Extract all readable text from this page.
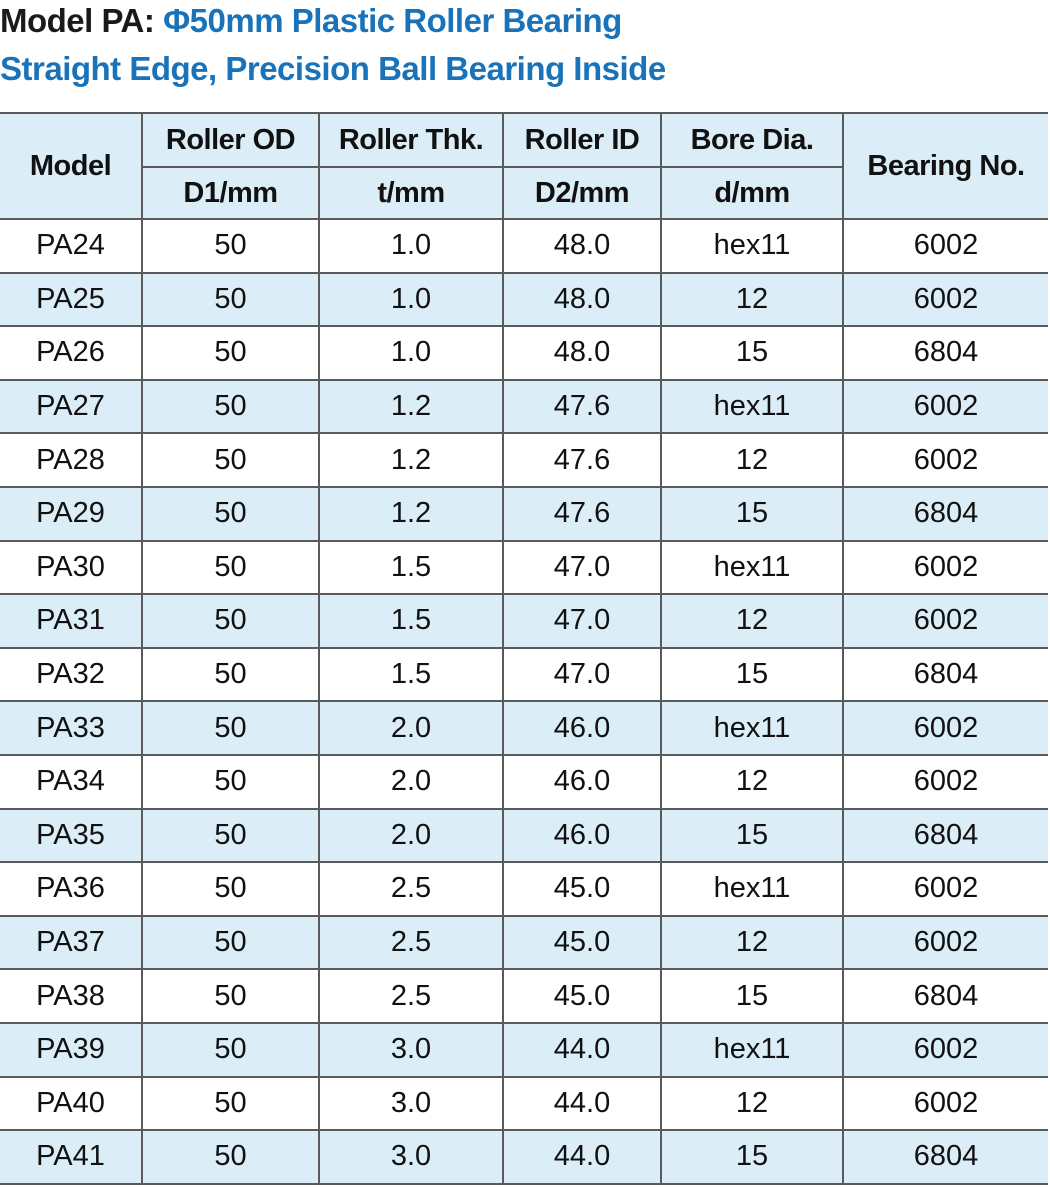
Model PA: Φ50mm Plastic Roller Bearing
Straight Edge, Precision Ball Bearing Inside
Model	Roller OD	Roller Thk.	Roller ID	Bore Dia.	Bearing No.
	D1/mm	t/mm	D2/mm	d/mm	
PA24	50	1.0	48.0	hex11	6002
PA25	50	1.0	48.0	12	6002
PA26	50	1.0	48.0	15	6804
PA27	50	1.2	47.6	hex11	6002
PA28	50	1.2	47.6	12	6002
PA29	50	1.2	47.6	15	6804
PA30	50	1.5	47.0	hex11	6002
PA31	50	1.5	47.0	12	6002
PA32	50	1.5	47.0	15	6804
PA33	50	2.0	46.0	hex11	6002
PA34	50	2.0	46.0	12	6002
PA35	50	2.0	46.0	15	6804
PA36	50	2.5	45.0	hex11	6002
PA37	50	2.5	45.0	12	6002
PA38	50	2.5	45.0	15	6804
PA39	50	3.0	44.0	hex11	6002
PA40	50	3.0	44.0	12	6002
PA41	50	3.0	44.0	15	6804
